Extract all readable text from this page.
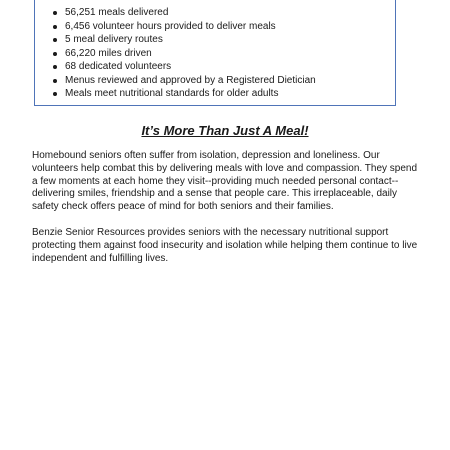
56,251 meals delivered
6,456 volunteer hours provided to deliver meals
5 meal delivery routes
66,220 miles driven
68 dedicated volunteers
Menus reviewed and approved by a Registered Dietician
Meals meet nutritional standards for older adults
It’s More Than Just A Meal!

Homebound seniors often suffer from isolation, depression and loneliness. Our volunteers help combat this by delivering meals with love and compassion. They spend a few moments at each home they visit--providing much needed personal contact--delivering smiles, friendship and a sense that people care. This irreplaceable, daily safety check offers peace of mind for both seniors and their families.

Benzie Senior Resources provides seniors with the necessary nutritional support protecting them against food insecurity and isolation while helping them continue to live independent and fulfilling lives.
